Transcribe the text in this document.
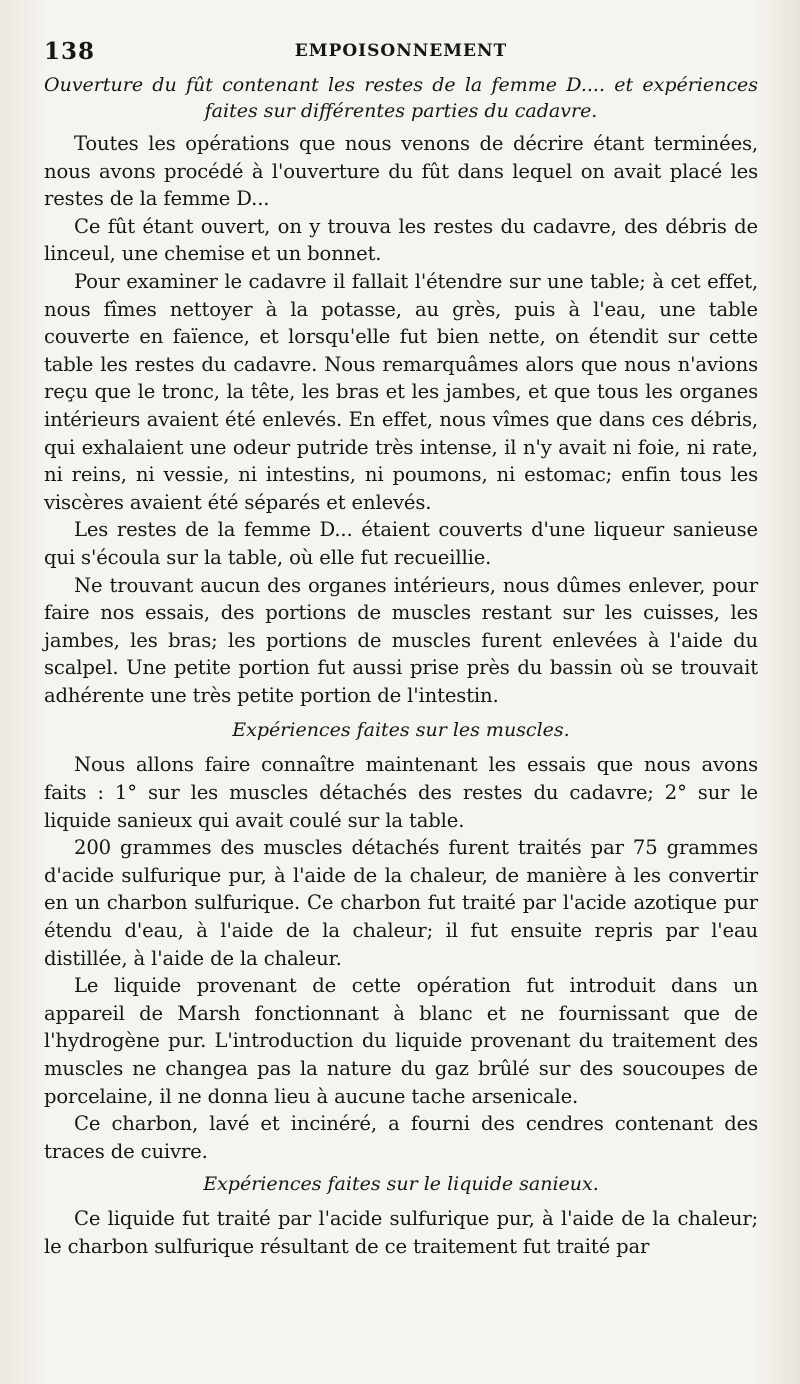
138	EMPOISONNEMENT

Ouverture du fût contenant les restes de la femme D.... et expériences faites sur différentes parties du cadavre.

Toutes les opérations que nous venons de décrire étant terminées, nous avons procédé à l'ouverture du fût dans lequel on avait placé les restes de la femme D...

Ce fût étant ouvert, on y trouva les restes du cadavre, des débris de linceul, une chemise et un bonnet.

Pour examiner le cadavre il fallait l'étendre sur une table; à cet effet, nous fîmes nettoyer à la potasse, au grès, puis à l'eau, une table couverte en faïence, et lorsqu'elle fut bien nette, on étendit sur cette table les restes du cadavre. Nous remarquâmes alors que nous n'avions reçu que le tronc, la tête, les bras et les jambes, et que tous les organes intérieurs avaient été enlevés. En effet, nous vîmes que dans ces débris, qui exhalaient une odeur putride très intense, il n'y avait ni foie, ni rate, ni reins, ni vessie, ni intestins, ni poumons, ni estomac; enfin tous les viscères avaient été séparés et enlevés.

Les restes de la femme D... étaient couverts d'une liqueur sanieuse qui s'écoula sur la table, où elle fut recueillie.

Ne trouvant aucun des organes intérieurs, nous dûmes enlever, pour faire nos essais, des portions de muscles restant sur les cuisses, les jambes, les bras; les portions de muscles furent enlevées à l'aide du scalpel. Une petite portion fut aussi prise près du bassin où se trouvait adhérente une très petite portion de l'intestin.

Expériences faites sur les muscles.

Nous allons faire connaître maintenant les essais que nous avons faits : 1° sur les muscles détachés des restes du cadavre; 2° sur le liquide sanieux qui avait coulé sur la table.

200 grammes des muscles détachés furent traités par 75 grammes d'acide sulfurique pur, à l'aide de la chaleur, de manière à les convertir en un charbon sulfurique. Ce charbon fut traité par l'acide azotique pur étendu d'eau, à l'aide de la chaleur; il fut ensuite repris par l'eau distillée, à l'aide de la chaleur.

Le liquide provenant de cette opération fut introduit dans un appareil de Marsh fonctionnant à blanc et ne fournissant que de l'hydrogène pur. L'introduction du liquide provenant du traitement des muscles ne changea pas la nature du gaz brûlé sur des soucoupes de porcelaine, il ne donna lieu à aucune tache arsenicale.

Ce charbon, lavé et incinéré, a fourni des cendres contenant des traces de cuivre.

Expériences faites sur le liquide sanieux.

Ce liquide fut traité par l'acide sulfurique pur, à l'aide de la chaleur; le charbon sulfurique résultant de ce traitement fut traité par
